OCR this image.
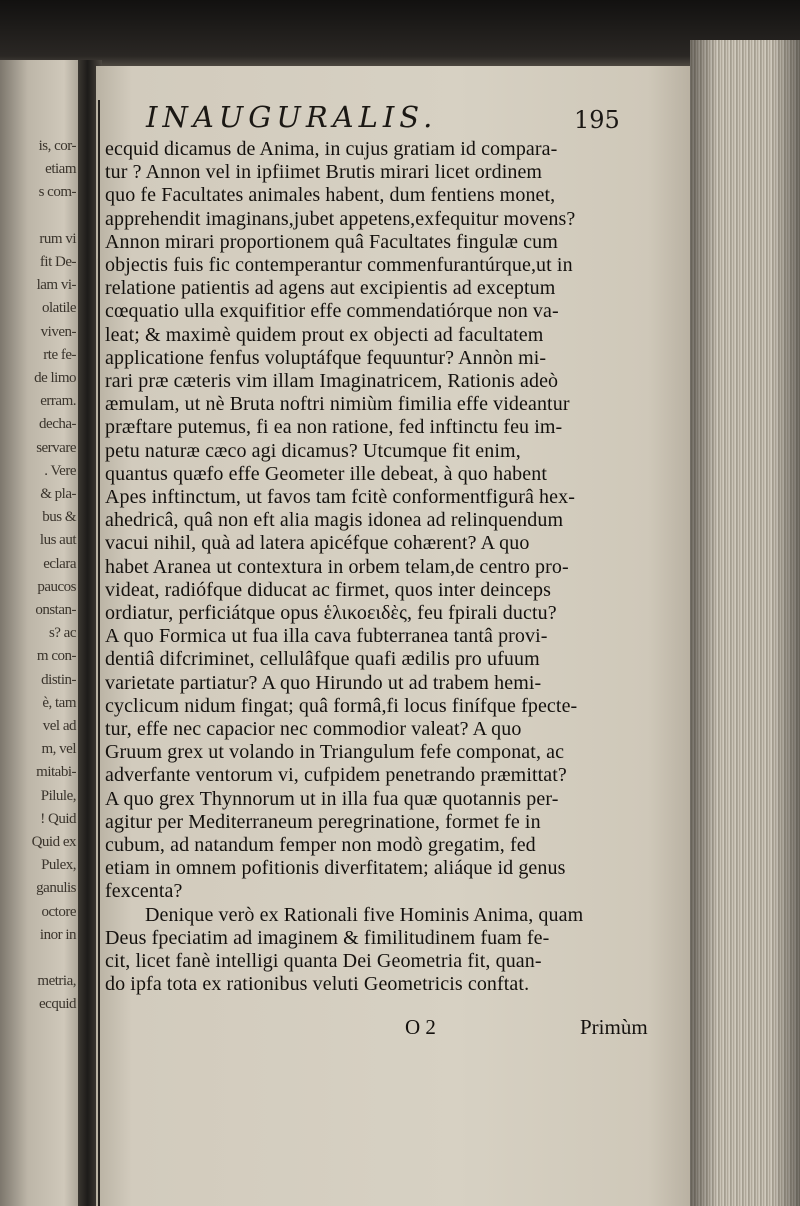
is, cor-
etiam
s com-
rum vi
fit De-
lam vi-
olatile
viven-
rte fe-
de limo
erram.
decha-
servare
. Vere
& pla-
bus &
lus aut
eclara
paucos
onstan-
s? ac
m con-
distin-
è, tam
vel ad
m, vel
mitabi-
Pilule,
! Quid
Quid ex
Pulex,
ganulis
octore
inor in
metria,
ecquid
INAUGURALIS.	195
ecquid dicamus de Anima, in cujus gratiam id compara-
tur ? Annon vel in ipfiimet Brutis mirari licet ordinem
quo fe Facultates animales habent, dum fentiens monet,
apprehendit imaginans,jubet appetens,exfequitur movens?
Annon mirari proportionem quâ Facultates fingulæ cum
objectis fuis fic contemperantur commenfurantúrque,ut in
relatione patientis ad agens aut excipientis ad exceptum
cœquatio ulla exquifitior effe commendatiórque non va-
leat; & maximè quidem prout ex objecti ad facultatem
applicatione fenfus voluptáfque fequuntur? Annòn mi-
rari præ cæteris vim illam Imaginatricem, Rationis adeò
æmulam, ut nè Bruta noftri nimiùm fimilia effe videantur
præftare putemus, fi ea non ratione, fed inftinctu feu im-
petu naturæ cæco agi dicamus? Utcumque fit enim,
quantus quæfo effe Geometer ille debeat, à quo habent
Apes inftinctum, ut favos tam fcitè conformentfigurâ hex-
ahedricâ, quâ non eft alia magis idonea ad relinquendum
vacui nihil, quà ad latera apicéfque cohærent? A quo
habet Aranea ut contextura in orbem telam,de centro pro-
videat, radiófque diducat ac firmet, quos inter deinceps
ordiatur, perficiátque opus ἑλικοειδὲς, feu fpirali ductu?
A quo Formica ut fua illa cava fubterranea tantâ provi-
dentiâ difcriminet, cellulâfque quafi ædilis pro ufuum
varietate partiatur? A quo Hirundo ut ad trabem hemi-
cyclicum nidum fingat; quâ formâ,fi locus finífque fpecte-
tur, effe nec capacior nec commodior valeat? A quo
Gruum grex ut volando in Triangulum fefe componat, ac
adverfante ventorum vi, cufpidem penetrando præmittat?
A quo grex Thynnorum ut in illa fua quæ quotannis per-
agitur per Mediterraneum peregrinatione, formet fe in
cubum, ad natandum femper non modò gregatim, fed
etiam in omnem pofitionis diverfitatem; aliáque id genus
fexcenta?
Denique verò ex Rationali five Hominis Anima, quam
Deus fpeciatim ad imaginem & fimilitudinem fuam fe-
cit, licet fanè intelligi quanta Dei Geometria fit, quan-
do ipfa tota ex rationibus veluti Geometricis conftat.
O 2	Primùm
